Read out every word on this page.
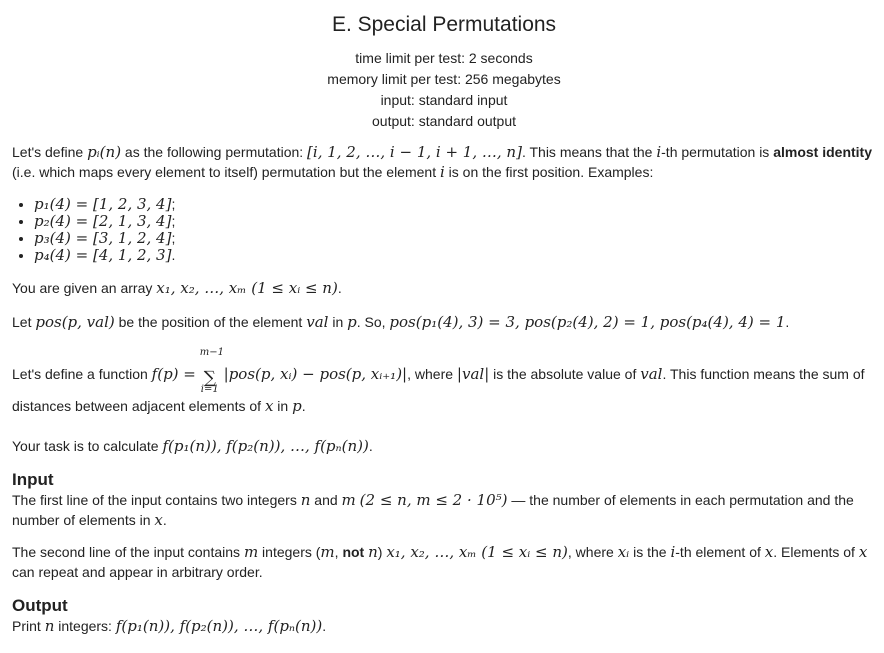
E. Special Permutations
time limit per test: 2 seconds
memory limit per test: 256 megabytes
input: standard input
output: standard output

Let's define pᵢ(n) as the following permutation: [i, 1, 2, …, i − 1, i + 1, …, n]. This means that the i-th permutation is almost identity (i.e. which maps every element to itself) permutation but the element i is on the first position. Examples:

• p₁(4) = [1, 2, 3, 4];
• p₂(4) = [2, 1, 3, 4];
• p₃(4) = [3, 1, 2, 4];
• p₄(4) = [4, 1, 2, 3].

You are given an array x₁, x₂, …, xₘ (1 ≤ xᵢ ≤ n).

Let pos(p, val) be the position of the element val in p. So, pos(p₁(4), 3) = 3, pos(p₂(4), 2) = 1, pos(p₄(4), 4) = 1.

Let's define a function f(p) =
m−1
∑
i=1
|pos(p, xᵢ) − pos(p, xᵢ₊₁)|, where |val| is the absolute value of val. This function means the sum of distances between adjacent elements of x in p.

Your task is to calculate f(p₁(n)), f(p₂(n)), …, f(pₙ(n)).

Input

The first line of the input contains two integers n and m (2 ≤ n, m ≤ 2 · 10⁵) — the number of elements in each permutation and the number of elements in x.

The second line of the input contains m integers (m, not n) x₁, x₂, …, xₘ (1 ≤ xᵢ ≤ n), where xᵢ is the i-th element of x. Elements of x can repeat and appear in arbitrary order.

Output

Print n integers: f(p₁(n)), f(p₂(n)), …, f(pₙ(n)).
